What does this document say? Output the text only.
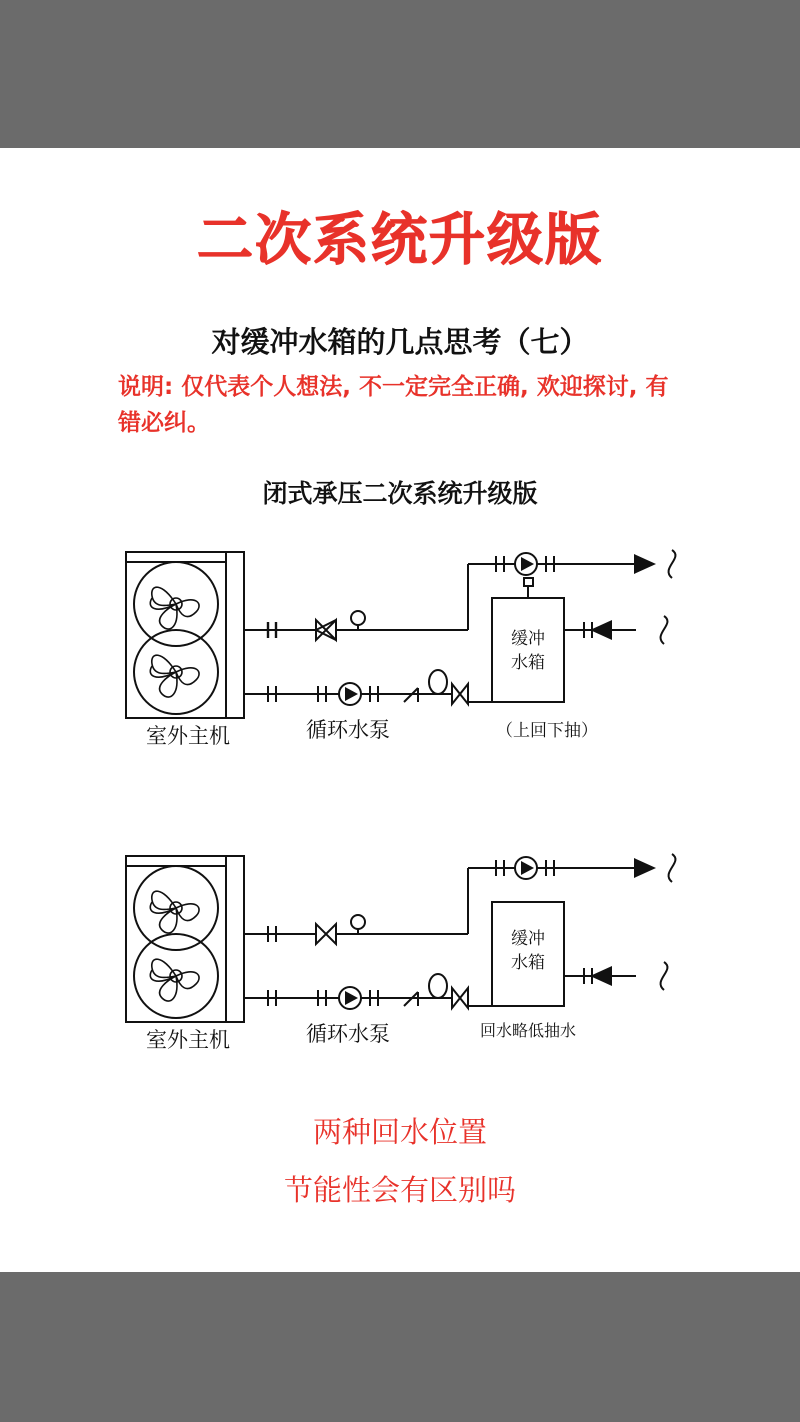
二次系统升级版
对缓冲水箱的几点思考（七）
说明: 仅代表个人想法, 不一定完全正确, 欢迎探讨, 有错必纠。
闭式承压二次系统升级版
室外主机	循环水泵
缓冲
水箱
（上回下抽）
室外主机	循环水泵
缓冲
水箱
回水略低抽水
两种回水位置
节能性会有区别吗
